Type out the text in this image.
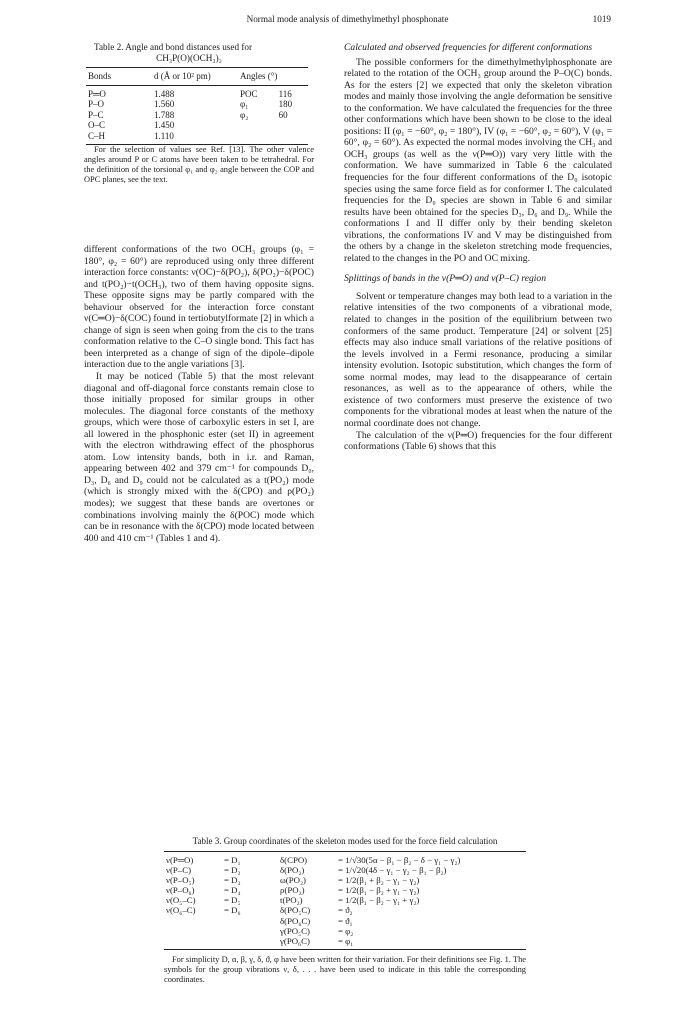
Normal mode analysis of dimethylmethyl phosphonate	1019
Table 2. Angle and bond distances used for
CH₃P(O)(OCH₃)₂
Bonds	d (Å or 10² pm)	Angles (°)	
P═O	1.488	POC	116
P–O	1.560	φ₁	180
P–C	1.788	φ₂	60
O–C	1.450		
C–H	1.110		

For the selection of values see Ref. [13]. The other valence angles around P or C atoms have been taken to be tetrahedral. For the definition of the torsional φ₁ and φ₂ angle between the COP and OPC planes, see the text.

different conformations of the two OCH₃ groups (φ₁ = 180°, φ₂ = 60°) are reproduced using only three different interaction force constants: ν(OC)−δ(PO₂), δ(PO₂)−δ(POC) and t(PO₂)−t(OCH₃), two of them having opposite signs. These opposite signs may be partly compared with the behaviour observed for the interaction force constant ν(C═O)−δ(COC) found in tertiobutylformate [2] in which a change of sign is seen when going from the cis to the trans conformation relative to the C–O single bond. This fact has been interpreted as a change of sign of the dipole–dipole interaction due to the angle variations [3].

It may be noticed (Table 5) that the most relevant diagonal and off-diagonal force constants remain close to those initially proposed for similar groups in other molecules. The diagonal force constants of the methoxy groups, which were those of carboxylic esters in set I, are all lowered in the phosphonic ester (set II) in agreement with the electron withdrawing effect of the phosphorus atom. Low intensity bands, both in i.r. and Raman, appearing between 402 and 379 cm⁻¹ for compounds D₀, D₃, D₆ and D₉ could not be calculated as a t(PO₂) mode (which is strongly mixed with the δ(CPO) and ρ(PO₂) modes); we suggest that these bands are overtones or combinations involving mainly the δ(POC) mode which can be in resonance with the δ(CPO) mode located between 400 and 410 cm⁻¹ (Tables 1 and 4).

Calculated and observed frequencies for different conformations

The possible conformers for the dimethylmethylphosphonate are related to the rotation of the OCH₃ group around the P–O(C) bonds. As for the esters [2] we expected that only the skeleton vibration modes and mainly those involving the angle deformation be sensitive to the conformation. We have calculated the frequencies for the three other conformations which have been shown to be close to the ideal positions: II (φ₁ = −60°, φ₂ = 180°), IV (φ₁ = −60°, φ₂ = 60°), V (φ₁ = 60°, φ₂ = 60°). As expected the normal modes involving the CH₃ and OCH₃ groups (as well as the ν(P═O)) vary very little with the conformation. We have summarized in Table 6 the calculated frequencies for the four different conformations of the D₀ isotopic species using the same force field as for conformer I. The calculated frequencies for the D₀ species are shown in Table 6 and similar results have been obtained for the species D₃, D₆ and D₉. While the conformations I and II differ only by their bending skeleton vibrations, the conformations IV and V may be distinguished from the others by a change in the skeleton stretching mode frequencies, related to the changes in the PO and OC mixing.

Splittings of bands in the ν(P═O) and ν(P–C) region

Solvent or temperature changes may both lead to a variation in the relative intensities of the two components of a vibrational mode, related to changes in the position of the equilibrium between two conformers of the same product. Temperature [24] or solvent [25] effects may also induce small variations of the relative positions of the levels involved in a Fermi resonance, producing a similar intensity evolution. Isotopic substitution, which changes the form of some normal modes, may lead to the disappearance of certain resonances, as well as to the appearance of others, while the existence of two conformers must preserve the existence of two components for the vibrational modes at least when the nature of the normal coordinate does not change.

The calculation of the ν(P═O) frequencies for the four different conformations (Table 6) shows that this

Table 3. Group coordinates of the skeleton modes used for the force field calculation
ν(P═O)	= D₁	δ(CPO)	= 1/√30(5α − β₁ − β₂ − δ − γ₁ − γ₂)
ν(P–C)	= D₂	δ(PO₂)	= 1/√20(4δ − γ₁ − γ₂ − β₁ − β₂)
ν(P–O₅)	= D₃	ω(PO₂)	= 1/2(β₁ + β₂ − γ₁ − γ₂)
ν(P–O₆)	= D₄	ρ(PO₂)	= 1/2(β₁ − β₂ + γ₁ − γ₂)
ν(O₅–C)	= D₅	t(PO₂)	= 1/2(β₁ − β₂ − γ₁ + γ₂)
ν(O₆–C)	= D₆	δ(PO₅C)	= ϑ₂
		δ(PO₆C)	= ϑ₁
		γ(PO₅C)	= φ₂
		γ(PO₆C)	= φ₁

For simplicity D, α, β, γ, δ, ϑ, φ have been written for their variation. For their definitions see Fig. 1. The symbols for the group vibrations ν, δ, . . . have been used to indicate in this table the corresponding coordinates.
